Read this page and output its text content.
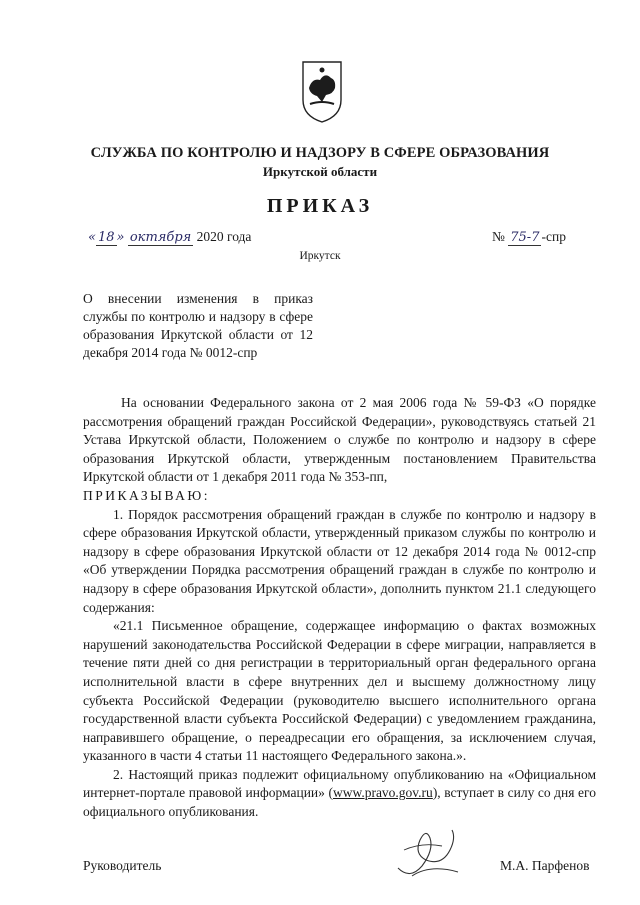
СЛУЖБА ПО КОНТРОЛЮ И НАДЗОРУ В СФЕРЕ ОБРАЗОВАНИЯ
Иркутской области
ПРИКАЗ
« 18 » октября 2020 года	№ 75-7 -спр
Иркутск
О внесении изменения в приказ службы по контролю и надзору в сфере образования Иркутской области от 12 декабря 2014 года № 0012-спр

На основании Федерального закона от 2 мая 2006 года № 59-ФЗ «О порядке рассмотрения обращений граждан Российской Федерации», руководствуясь статьей 21 Устава Иркутской области, Положением о службе по контролю и надзору в сфере образования Иркутской области, утвержденным постановлением Правительства Иркутской области от 1 декабря 2011 года № 353-пп,

ПРИКАЗЫВАЮ:

1. Порядок рассмотрения обращений граждан в службе по контролю и надзору в сфере образования Иркутской области, утвержденный приказом службы по контролю и надзору в сфере образования Иркутской области от 12 декабря 2014 года № 0012-спр «Об утверждении Порядка рассмотрения обращений граждан в службе по контролю и надзору в сфере образования Иркутской области», дополнить пунктом 21.1 следующего содержания:

«21.1 Письменное обращение, содержащее информацию о фактах возможных нарушений законодательства Российской Федерации в сфере миграции, направляется в течение пяти дней со дня регистрации в территориальный орган федерального органа исполнительной власти в сфере внутренних дел и высшему должностному лицу субъекта Российской Федерации (руководителю высшего исполнительного органа государственной власти субъекта Российской Федерации) с уведомлением гражданина, направившего обращение, о переадресации его обращения, за исключением случая, указанного в части 4 статьи 11 настоящего Федерального закона.».

2. Настоящий приказ подлежит официальному опубликованию на «Официальном интернет-портале правовой информации» (www.pravo.gov.ru), вступает в силу со дня его официального опубликования.

Руководитель	М.А. Парфенов
